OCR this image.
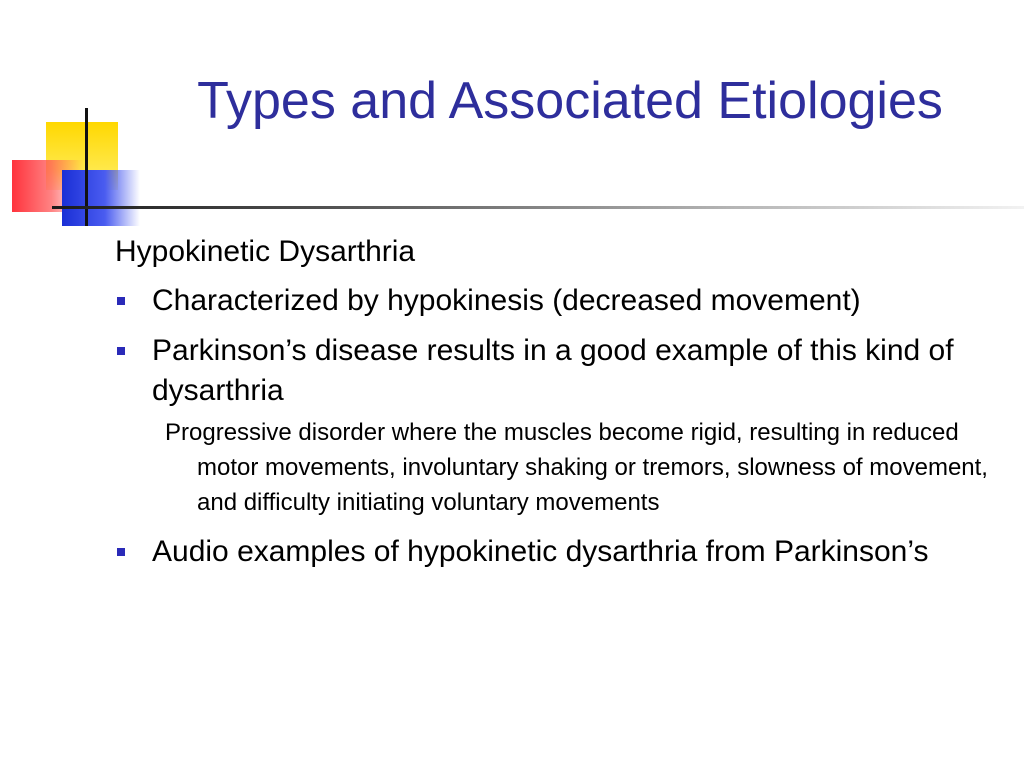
Types and Associated Etiologies
Hypokinetic Dysarthria
Characterized by hypokinesis (decreased movement)
Parkinson’s disease results in a good example of this kind of dysarthria
Progressive disorder where the muscles become rigid, resulting in reduced motor movements, involuntary shaking or tremors, slowness of movement, and difficulty initiating voluntary movements
Audio examples of hypokinetic dysarthria from Parkinson’s
